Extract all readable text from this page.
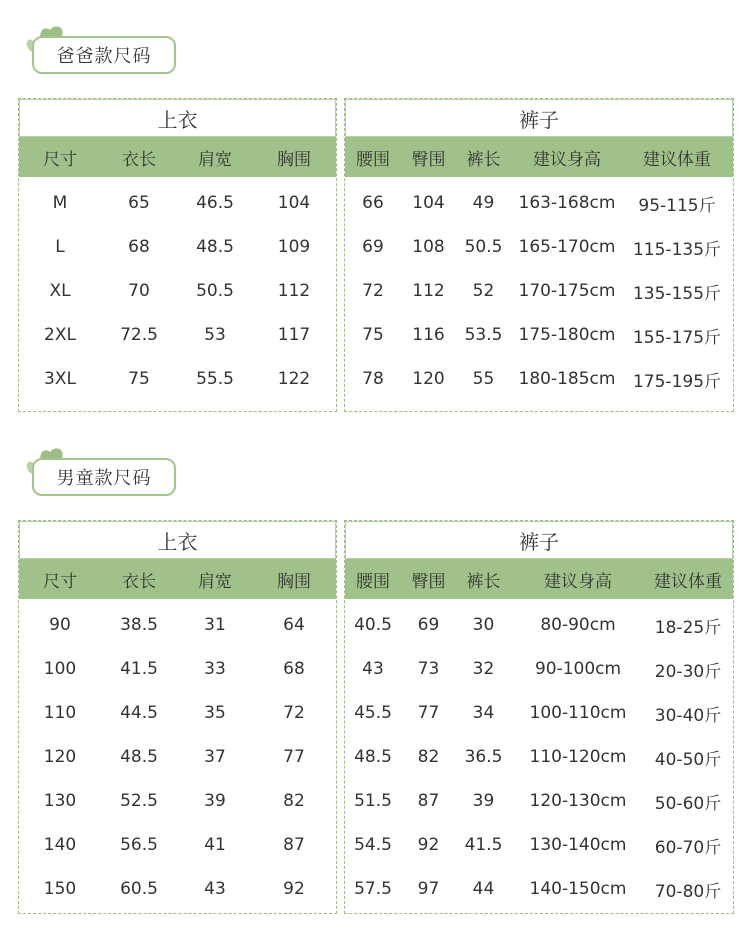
爸爸款尺码
上衣
尺寸	衣长	肩宽	胸围
M	65	46.5	104
L	68	48.5	109
XL	70	50.5	112
2XL	72.5	53	117
3XL	75	55.5	122
裤子
腰围	臀围	裤长	建议身高	建议体重
66	104	49	163-168cm	95-115斤
69	108	50.5 165-170cm	115-135斤
72	112	52	170-175cm	135-155斤
75	116	53.5 175-180cm	155-175斤
78	120	55	180-185cm	175-195斤
男童款尺码
上衣
尺寸	衣长	肩宽	胸围
90	38.5	31	64
100	41.5	33	68
110	44.5	35	72
120	48.5	37	77
130	52.5	39	82
140	56.5	41	87
150	60.5	43	92
裤子
腰围	臀围	裤长	建议身高	建议体重
40.5	69	30	80-90cm	18-25斤
43	73	32	90-100cm	20-30斤
45.5	77	34	100-110cm	30-40斤
48.5	82	36.5	110-120cm	40-50斤
51.5	87	39	120-130cm	50-60斤
54.5	92	41.5	130-140cm	60-70斤
57.5	97	44	140-150cm	70-80斤
